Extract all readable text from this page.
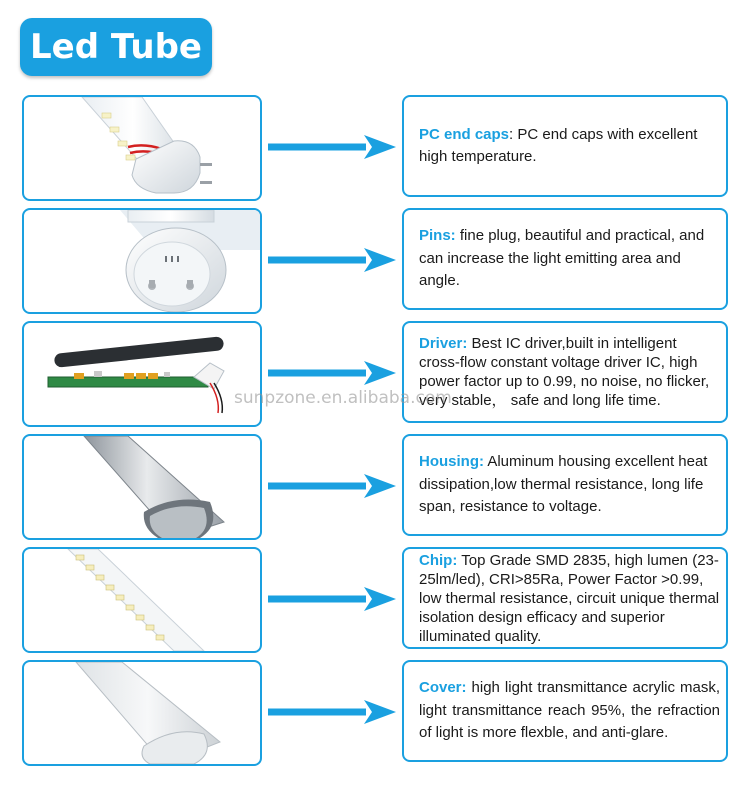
Led Tube

PC end caps: PC end caps with excellent high temperature.

Pins: fine plug, beautiful and practical, and can increase the light emitting area and angle.

Driver: Best IC driver,built in intelligent cross-flow constant voltage driver IC, high power factor up to 0.99, no noise, no flicker, very stable， safe and long life time.

Housing: Aluminum housing excellent heat dissipation,low thermal resistance, long life span, resistance to voltage.

Chip: Top Grade SMD 2835, high lumen (23-25lm/led), CRI>85Ra, Power Factor >0.99, low thermal resistance, circuit unique thermal isolation design efficacy and superior illuminated quality.

Cover: high light transmittance acrylic mask, light transmittance reach 95%, the refraction of light is more flexble, and anti-glare.

sunpzone.en.alibaba.com
